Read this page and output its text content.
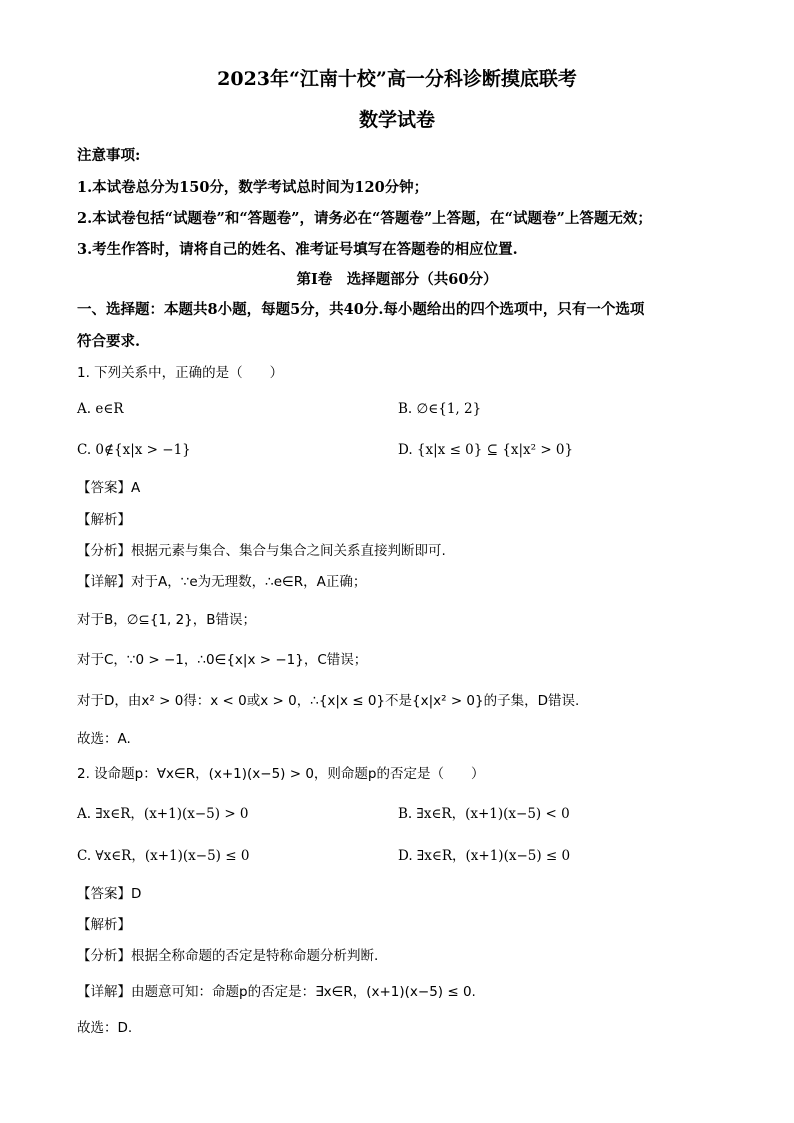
2023年“江南十校”高一分科诊断摸底联考
数学试卷
注意事项:
1.本试卷总分为150分，数学考试总时间为120分钟；
2.本试卷包括“试题卷”和“答题卷”，请务必在“答题卷”上答题，在“试题卷”上答题无效；
3.考生作答时，请将自己的姓名、准考证号填写在答题卷的相应位置.
第Ⅰ卷　选择题部分（共60分）
一、选择题：本题共8小题，每题5分，共40分.每小题给出的四个选项中，只有一个选项
符合要求.
1. 下列关系中，正确的是（　　）
A. e∈R	B. ∅∈{1, 2}
C. 0∉{x|x > −1}	D. {x|x ≤ 0} ⊆ {x|x² > 0}
【答案】A
【解析】
【分析】根据元素与集合、集合与集合之间关系直接判断即可.
【详解】对于A，∵e为无理数，∴e∈R，A正确；
对于B，∅⊆{1, 2}，B错误；
对于C，∵0 > −1，∴0∈{x|x > −1}，C错误；
对于D，由x² > 0得：x < 0或x > 0，∴{x|x ≤ 0}不是{x|x² > 0}的子集，D错误.
故选：A.
2. 设命题p：∀x∈R，(x+1)(x−5) > 0，则命题p的否定是（　　）
A. ∃x∈R，(x+1)(x−5) > 0	B. ∃x∈R，(x+1)(x−5) < 0
C. ∀x∈R，(x+1)(x−5) ≤ 0	D. ∃x∈R，(x+1)(x−5) ≤ 0
【答案】D
【解析】
【分析】根据全称命题的否定是特称命题分析判断.
【详解】由题意可知：命题p的否定是：∃x∈R，(x+1)(x−5) ≤ 0.
故选：D.
